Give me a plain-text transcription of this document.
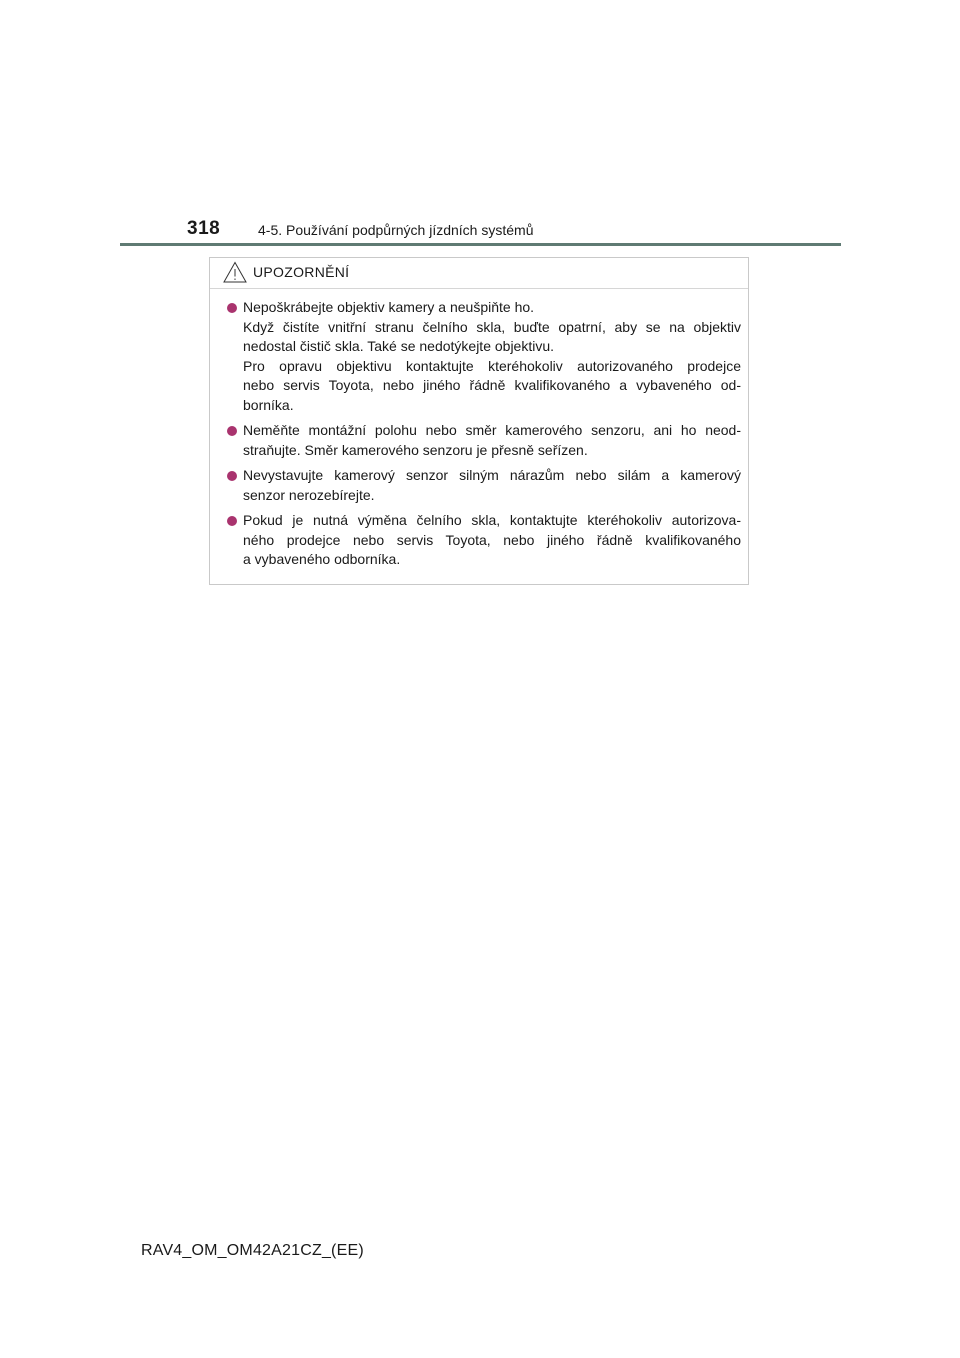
318	4-5. Používání podpůrných jízdních systémů
UPOZORNĚNÍ
Nepoškrábejte objektiv kamery a neušpiňte ho.
Když čistíte vnitřní stranu čelního skla, buďte opatrní, aby se na objektiv
nedostal čistič skla. Také se nedotýkejte objektivu.
Pro opravu objektivu kontaktujte kteréhokoliv autorizovaného prodejce
nebo servis Toyota, nebo jiného řádně kvalifikovaného a vybaveného od-
borníka.
Neměňte montážní polohu nebo směr kamerového senzoru, ani ho neod-
straňujte. Směr kamerového senzoru je přesně seřízen.
Nevystavujte kamerový senzor silným nárazům nebo silám a kamerový
senzor nerozebírejte.
Pokud je nutná výměna čelního skla, kontaktujte kteréhokoliv autorizova-
ného prodejce nebo servis Toyota, nebo jiného řádně kvalifikovaného
a vybaveného odborníka.
RAV4_OM_OM42A21CZ_(EE)
